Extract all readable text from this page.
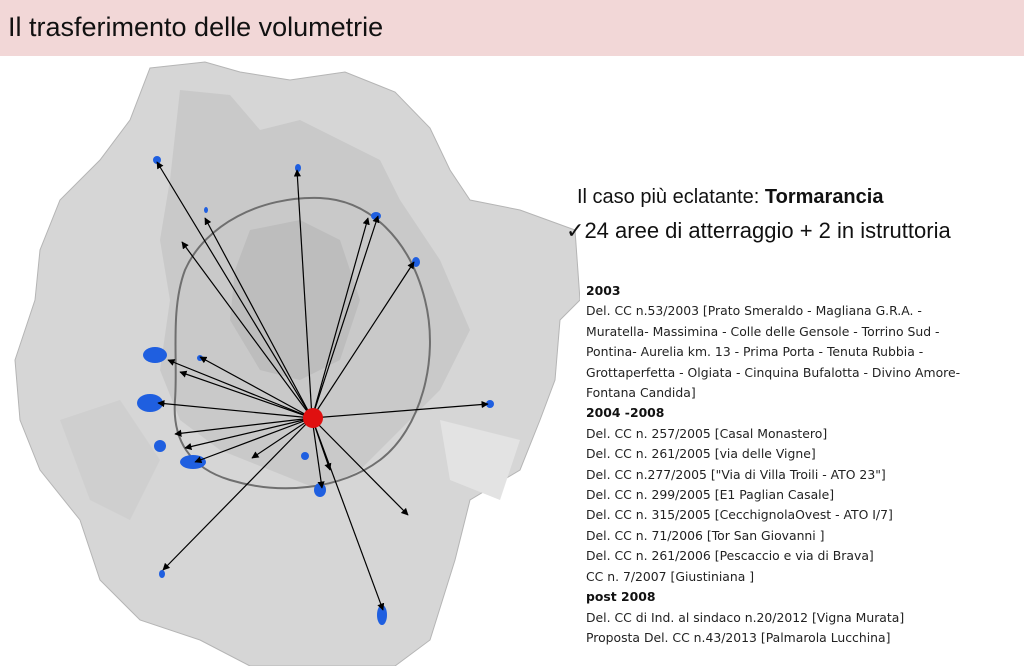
Il trasferimento delle volumetrie
Il caso più eclatante: Tormarancia
✓24 aree di atterraggio + 2 in istruttoria
2003
Del. CC n.53/2003 [Prato Smeraldo - Magliana G.R.A. -
Muratella- Massimina - Colle delle Gensole - Torrino Sud -
Pontina- Aurelia km. 13 - Prima Porta - Tenuta Rubbia -
Grottaperfetta - Olgiata - Cinquina Bufalotta - Divino Amore-
Fontana Candida]
2004 -2008
Del. CC n. 257/2005 [Casal Monastero]
Del. CC n. 261/2005 [via delle Vigne]
Del. CC n.277/2005 ["Via di Villa Troili - ATO 23"]
Del. CC n. 299/2005 [E1 Paglian Casale]
Del. CC n. 315/2005 [CecchignolaOvest - ATO I/7]
Del. CC n. 71/2006 [Tor San Giovanni ]
Del. CC n. 261/2006 [Pescaccio e via di Brava]
CC n. 7/2007 [Giustiniana ]
post 2008
Del. CC di Ind. al sindaco n.20/2012 [Vigna Murata]
Proposta Del. CC n.43/2013 [Palmarola Lucchina]
